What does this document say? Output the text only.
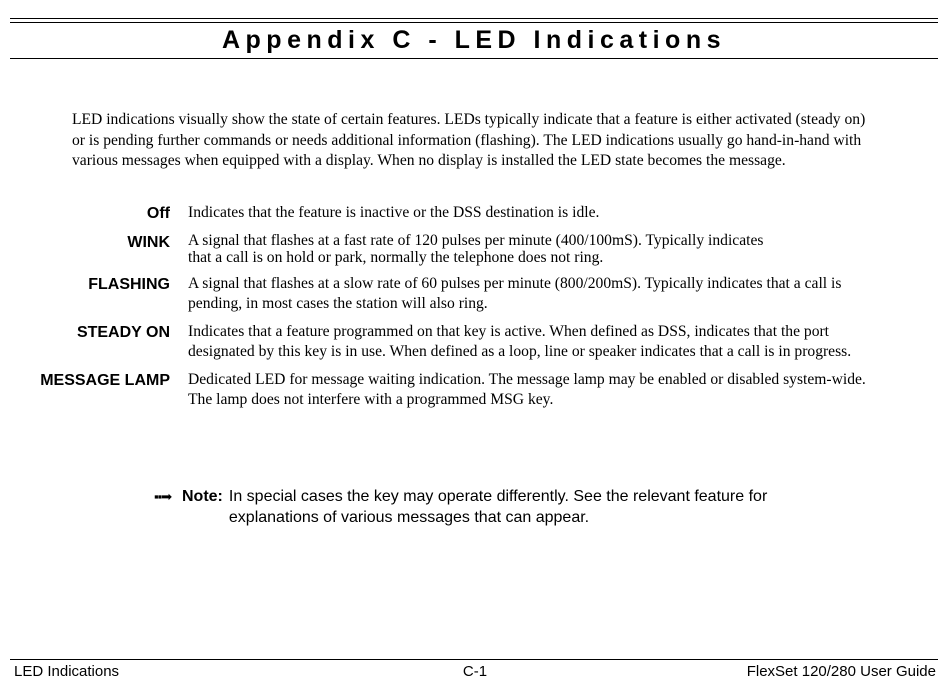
Appendix C - LED Indications

LED indications visually show the state of certain features. LEDs typically indicate that a feature is either activated (steady on) or is pending further commands or needs additional information (flashing). The LED indications usually go hand-in-hand with various messages when equipped with a display. When no display is installed the LED state becomes the message.

Off Indicates that the feature is inactive or the DSS destination is idle.
WINK A signal that flashes at a fast rate of 120 pulses per minute (400/100mS). Typically indicates that a call is on hold or park, normally the telephone does not ring.
FLASHING A signal that flashes at a slow rate of 60 pulses per minute (800/200mS). Typically indicates that a call is pending, in most cases the station will also ring.
STEADY ON Indicates that a feature programmed on that key is active. When defined as DSS, indicates that the port designated by this key is in use. When defined as a loop, line or speaker indicates that a call is in progress.
MESSAGE LAMP Dedicated LED for message waiting indication. The message lamp may be enabled or disabled system-wide. The lamp does not interfere with a programmed MSG key.
▪▪➡ Note: In special cases the key may operate differently. See the relevant feature for explanations of various messages that can appear.
LED Indications	C-1	FlexSet 120/280 User Guide
